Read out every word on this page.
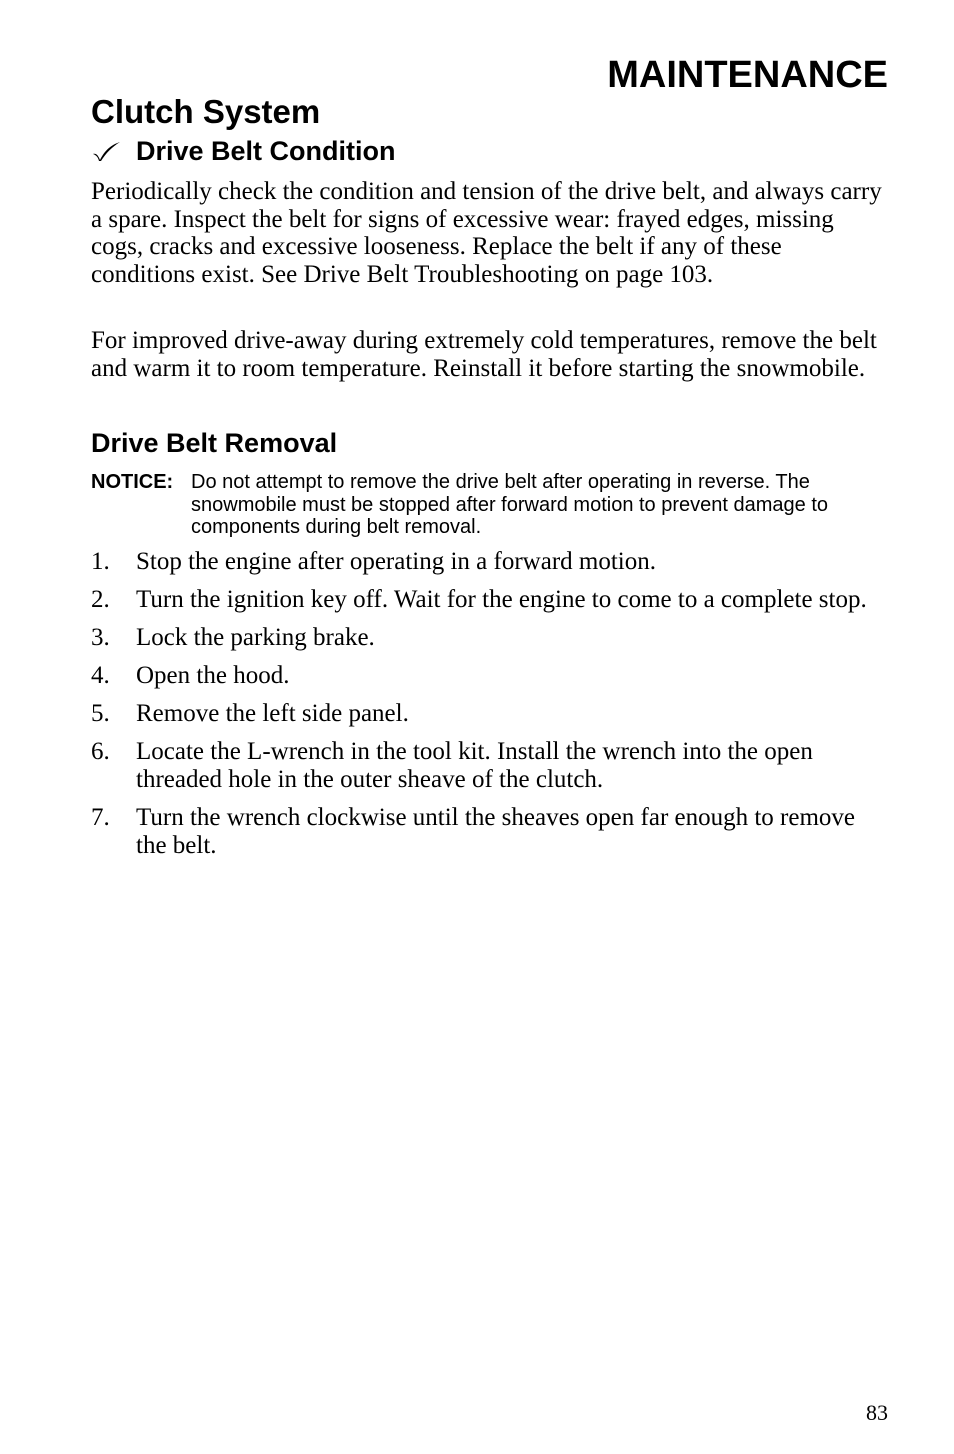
MAINTENANCE
Clutch System
Drive Belt Condition

Periodically check the condition and tension of the drive belt, and always carry a spare. Inspect the belt for signs of excessive wear: frayed edges, missing cogs, cracks and excessive looseness. Replace the belt if any of these conditions exist. See Drive Belt Troubleshooting on page 103.

For improved drive-away during extremely cold temperatures, remove the belt and warm it to room temperature. Reinstall it before starting the snowmobile.

Drive Belt Removal
NOTICE: Do not attempt to remove the drive belt after operating in reverse. The snowmobile must be stopped after forward motion to prevent damage to components during belt removal.
1.	Stop the engine after operating in a forward motion.
2.	Turn the ignition key off. Wait for the engine to come to a complete stop.
3.	Lock the parking brake.
4.	Open the hood.
5.	Remove the left side panel.
6.	Locate the L-wrench in the tool kit. Install the wrench into the open threaded hole in the outer sheave of the clutch.
7.	Turn the wrench clockwise until the sheaves open far enough to remove the belt.
83
